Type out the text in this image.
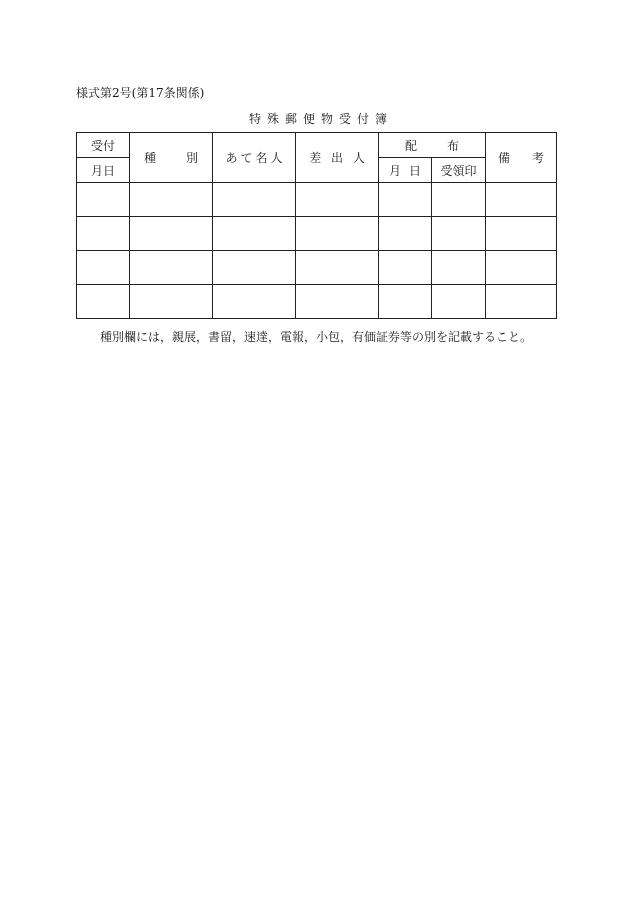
様式第2号(第17条関係)
特殊郵便物受付簿
受 付	種 別	あて名人	差 出 人	配 布		備 考

月 日				月 日	受領印	

種別欄には，親展，書留，速達，電報，小包，有価証券等の別を記載すること。
